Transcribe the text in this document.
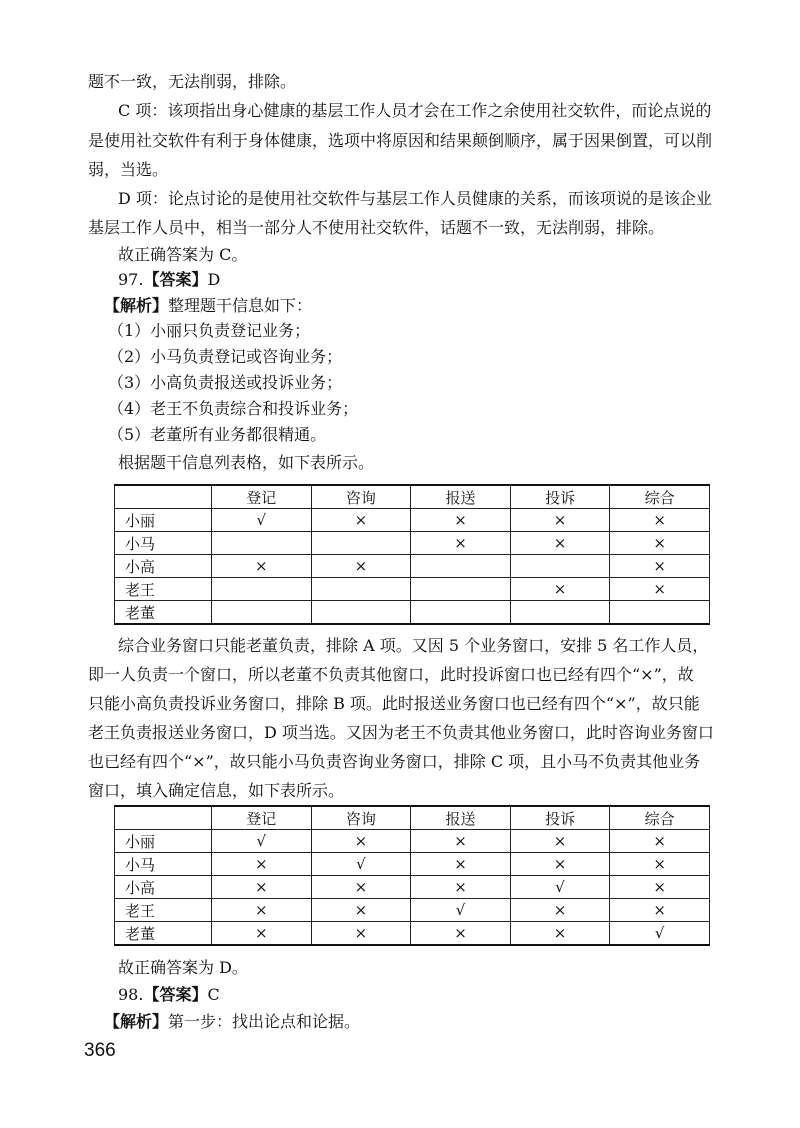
题不一致，无法削弱，排除。
C 项：该项指出身心健康的基层工作人员才会在工作之余使用社交软件，而论点说的
是使用社交软件有利于身体健康，选项中将原因和结果颠倒顺序，属于因果倒置，可以削
弱，当选。
D 项：论点讨论的是使用社交软件与基层工作人员健康的关系，而该项说的是该企业
基层工作人员中，相当一部分人不使用社交软件，话题不一致，无法削弱，排除。
故正确答案为 C。
97.【答案】D
【解析】整理题干信息如下：
（1）小丽只负责登记业务；
（2）小马负责登记或咨询业务；
（3）小高负责报送或投诉业务；
（4）老王不负责综合和投诉业务；
（5）老董所有业务都很精通。
根据题干信息列表格，如下表所示。
	登记	咨询	报送	投诉	综合
小丽	√	×	×	×	×
小马			×	×	×
小高	×	×			×
老王				×	×
老董					
综合业务窗口只能老董负责，排除 A 项。又因 5 个业务窗口，安排 5 名工作人员，
即一人负责一个窗口，所以老董不负责其他窗口，此时投诉窗口也已经有四个“×”，故
只能小高负责投诉业务窗口，排除 B 项。此时报送业务窗口也已经有四个“×”，故只能
老王负责报送业务窗口，D 项当选。又因为老王不负责其他业务窗口，此时咨询业务窗口
也已经有四个“×”，故只能小马负责咨询业务窗口，排除 C 项，且小马不负责其他业务
窗口，填入确定信息，如下表所示。
	登记	咨询	报送	投诉	综合
小丽	√	×	×	×	×
小马	×	√	×	×	×
小高	×	×	×	√	×
老王	×	×	√	×	×
老董	×	×	×	×	√
故正确答案为 D。
98.【答案】C
【解析】第一步：找出论点和论据。
366
